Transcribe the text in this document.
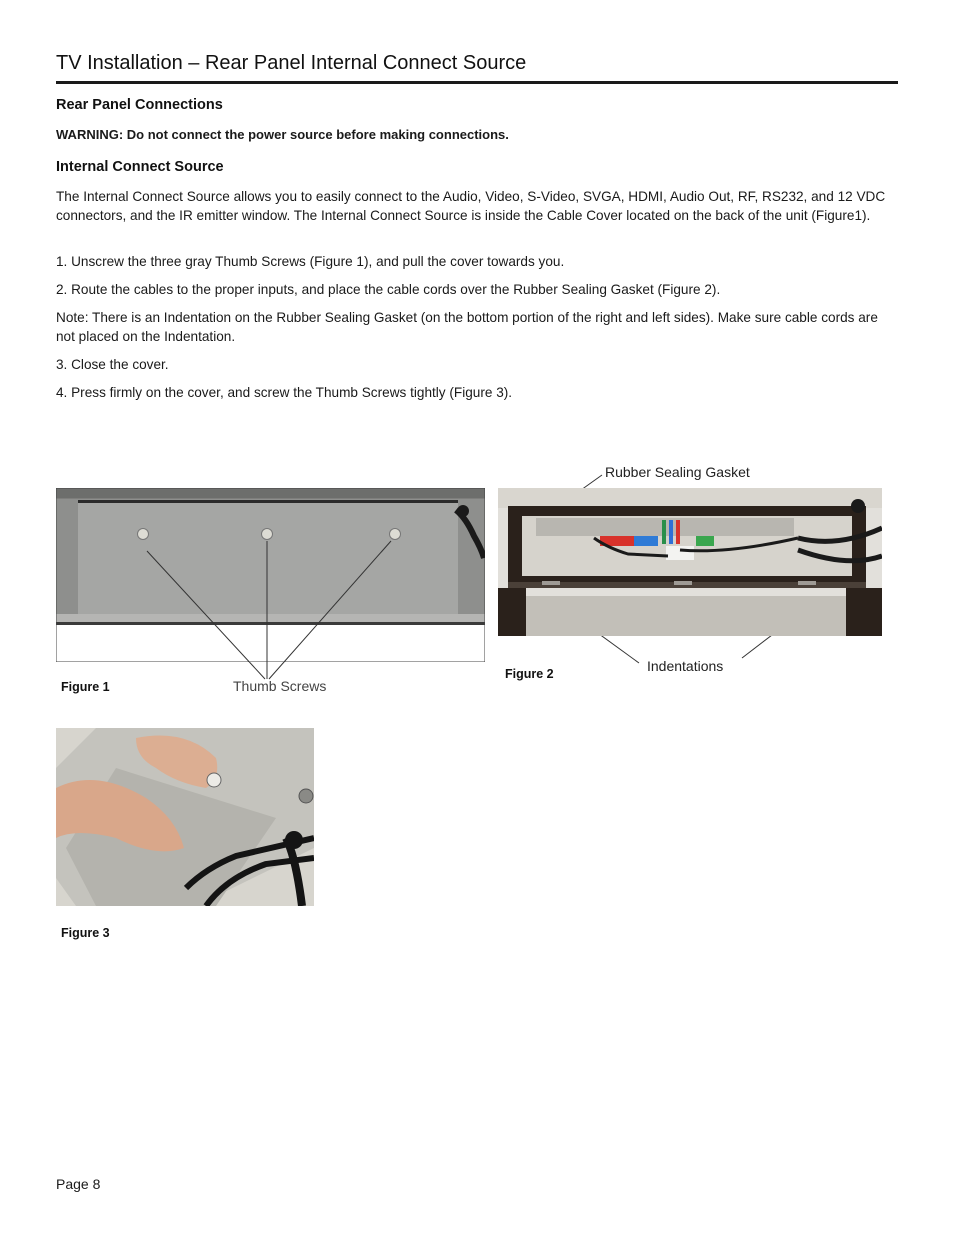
TV Installation – Rear Panel Internal Connect Source
Rear Panel Connections
WARNING: Do not connect the power source before making connections.
Internal Connect Source
The Internal Connect Source allows you to easily connect to the Audio, Video, S-Video, SVGA, HDMI, Audio Out, RF, RS232, and 12 VDC connectors, and the IR emitter window. The Internal Connect Source is inside the Cable Cover located on the back of the unit (Figure1).
1. Unscrew the three gray Thumb Screws (Figure 1), and pull the cover towards you.
2. Route the cables to the proper inputs, and place the cable cords over the Rubber Sealing Gasket (Figure 2).
Note: There is an Indentation on the Rubber Sealing Gasket (on the bottom portion of the right and left sides). Make sure cable cords are not placed on the Indentation.
3. Close the cover.
4. Press firmly on the cover, and screw the Thumb Screws tightly (Figure 3).
Figure 1	Thumb Screws
Rubber Sealing Gasket
Figure 2	Indentations
Figure 3
Page 8
